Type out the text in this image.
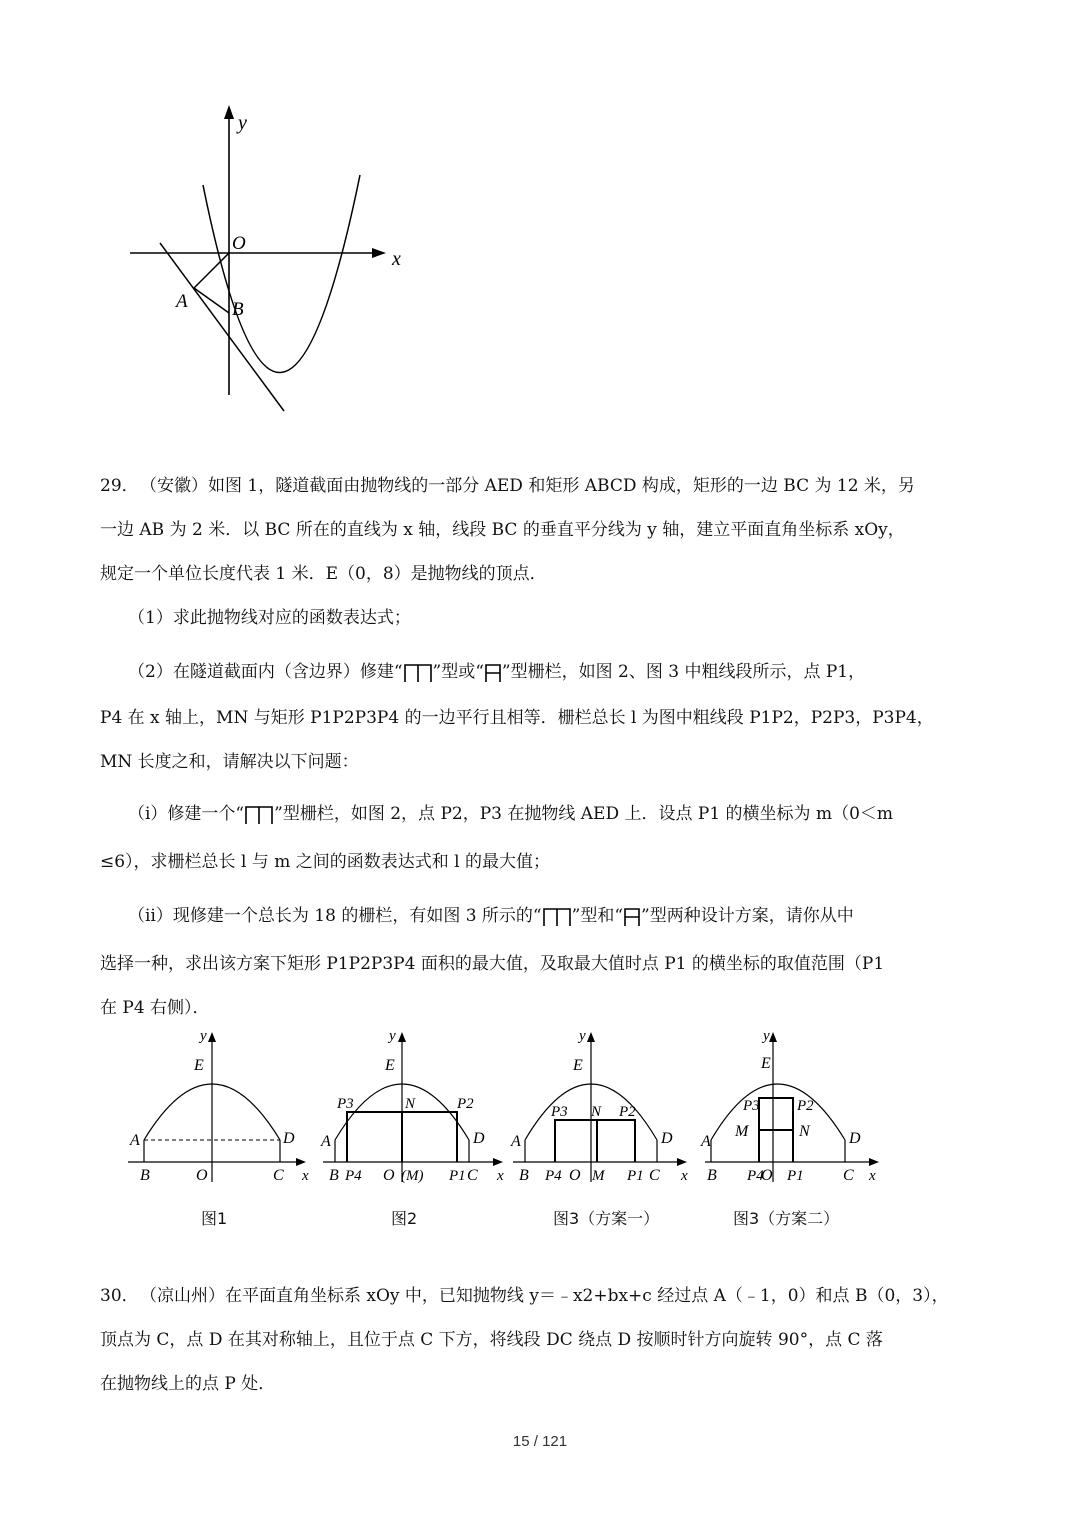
y
x
O
A B
29．（安徽）如图 1，隧道截面由抛物线的一部分 AED 和矩形 ABCD 构成，矩形的一边 BC 为 12 米，另
一边 AB 为 2 米．以 BC 所在的直线为 x 轴，线段 BC 的垂直平分线为 y 轴，建立平面直角坐标系 xOy，
规定一个单位长度代表 1 米．E（0，8）是抛物线的顶点．
（1）求此抛物线对应的函数表达式；
（2）在隧道截面内（含边界）修建“ ”型或“ ”型栅栏，如图 2、图 3 中粗线段所示，点 P1，
P4 在 x 轴上，MN 与矩形 P1P2P3P4 的一边平行且相等．栅栏总长 l 为图中粗线段 P1P2，P2P3，P3P4，
MN 长度之和，请解决以下问题：
（ⅰ）修建一个“ ”型栅栏，如图 2，点 P2，P3 在抛物线 AED 上．设点 P1 的横坐标为 m（0＜m
≤6），求栅栏总长 l 与 m 之间的函数表达式和 l 的最大值；
（ⅱ）现修建一个总长为 18 的栅栏，有如图 3 所示的“ ”型和“ ”型两种设计方案，请你从中
选择一种，求出该方案下矩形 P1P2P3P4 面积的最大值，及取最大值时点 P1 的横坐标的取值范围（P1
在 P4 右侧）．
y
E
A	D
B	O	C x
图1
y
E
P3	N	P2
A	D
B P4 O (M) P1 C x
图2
y
E
P3 N P2
A	D
B P4 O M P1 C x
图3（方案一）
y
E
P3 P2
M	N
A	D
B P4
O P1 C x
图3（方案二）
30．（凉山州）在平面直角坐标系 xOy 中，已知抛物线 y＝﹣x2+bx+c 经过点 A（﹣1，0）和点 B（0，3），
顶点为 C，点 D 在其对称轴上，且位于点 C 下方，将线段 DC 绕点 D 按顺时针方向旋转 90°，点 C 落
在抛物线上的点 P 处．
15 / 121
